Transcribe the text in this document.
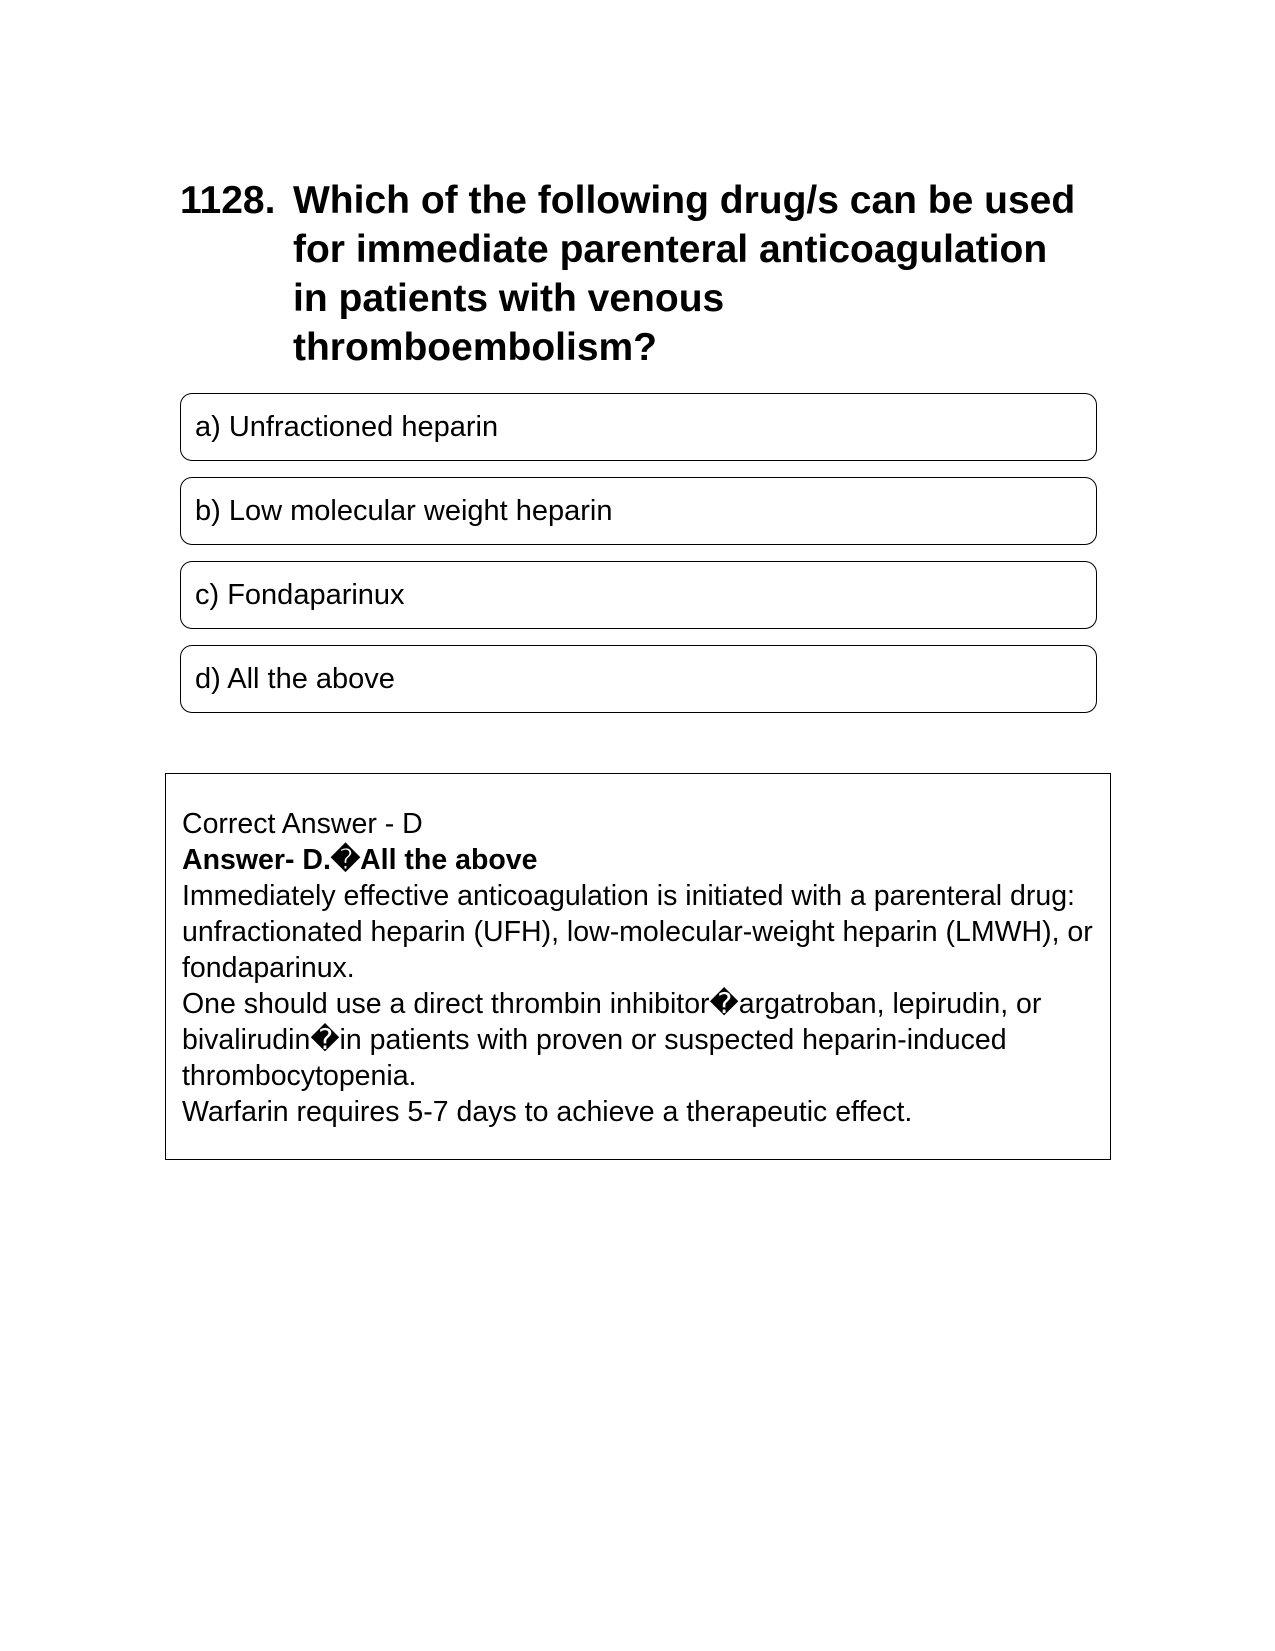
1128. Which of the following drug/s can be used for immediate parenteral anticoagulation in patients with venous thromboembolism?
a) Unfractioned heparin
b) Low molecular weight heparin
c) Fondaparinux
d) All the above

Correct Answer - D

Answer- D.�All the above

Immediately effective anticoagulation is initiated with a parenteral drug: unfractionated heparin (UFH), low-molecular-weight heparin (LMWH), or fondaparinux.

One should use a direct thrombin inhibitor�argatroban, lepirudin, or bivalirudin�in patients with proven or suspected heparin-induced thrombocytopenia.

Warfarin requires 5-7 days to achieve a therapeutic effect.
